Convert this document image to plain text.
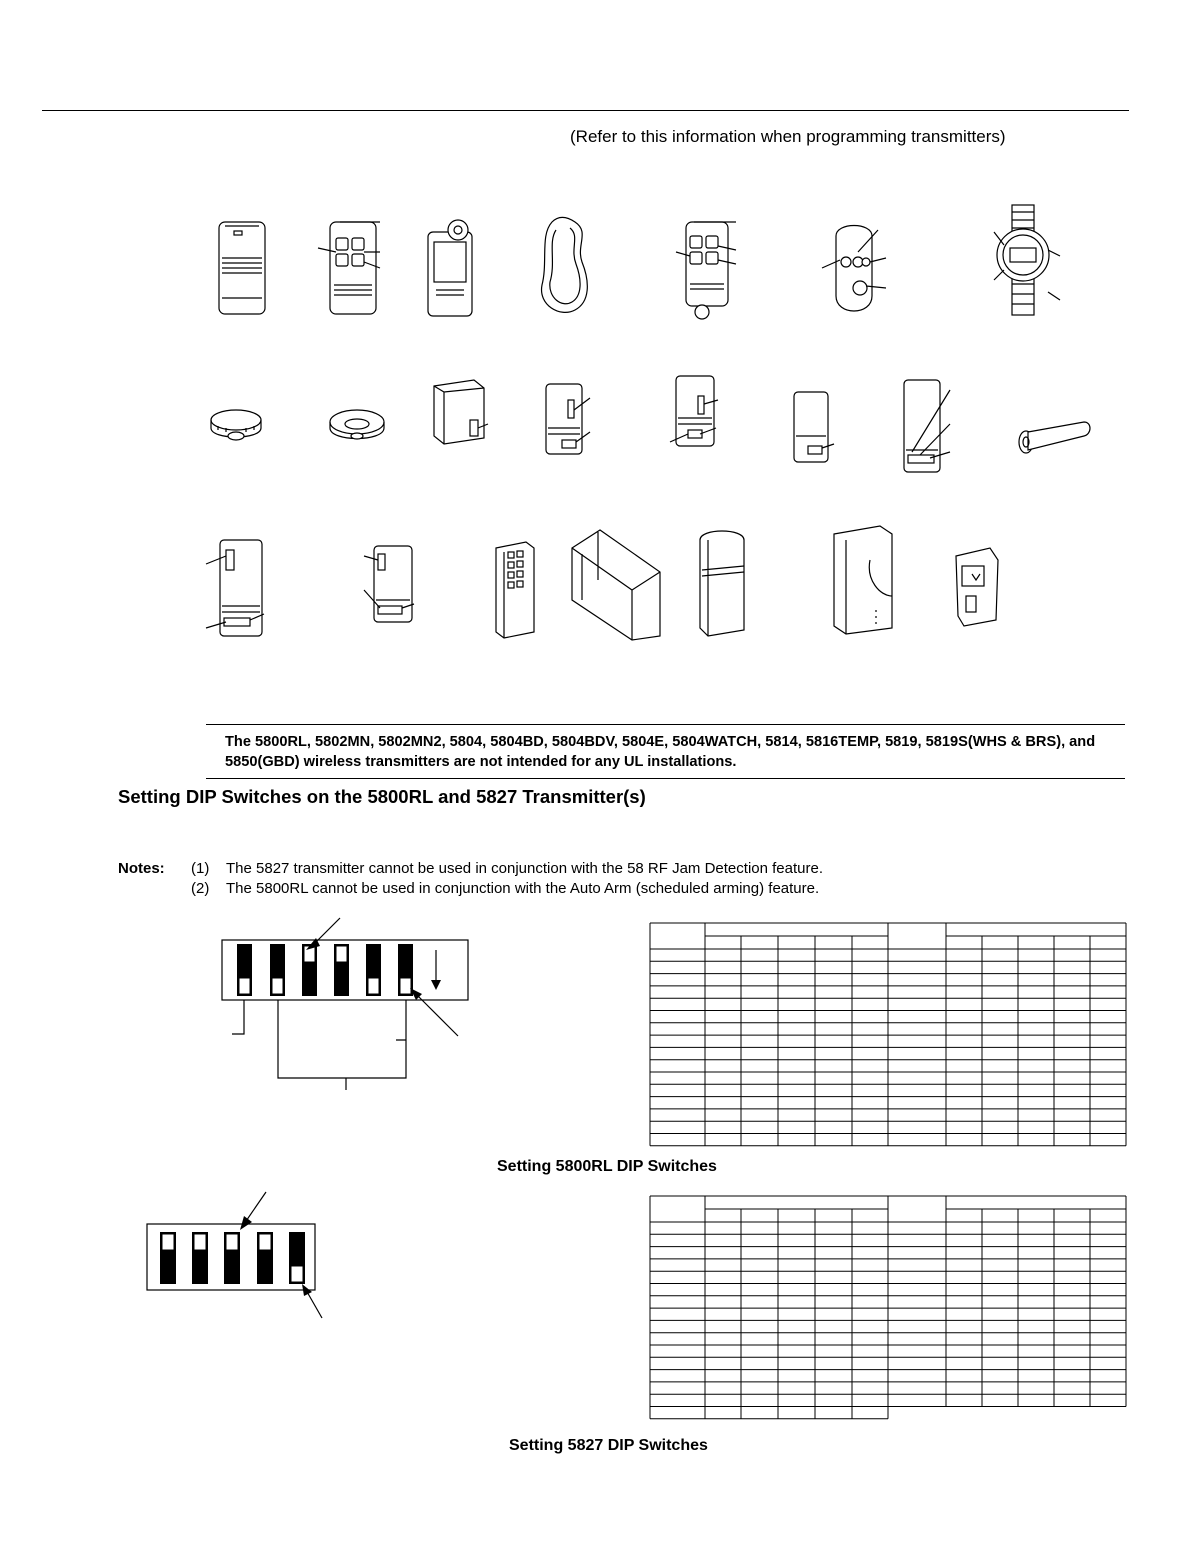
(Refer to this information when programming transmitters)
The 5800RL, 5802MN, 5802MN2, 5804, 5804BD, 5804BDV, 5804E, 5804WATCH, 5814, 5816TEMP, 5819, 5819S(WHS & BRS), and 5850(GBD) wireless transmitters are not intended for any UL installations.
Setting DIP Switches on the 5800RL and 5827 Transmitter(s)
Notes: (1) The 5827 transmitter cannot be used in conjunction with the 58 RF Jam Detection feature.
(2) The 5800RL cannot be used in conjunction with the Auto Arm (scheduled arming) feature.
Setting 5800RL DIP Switches
Setting 5827 DIP Switches
